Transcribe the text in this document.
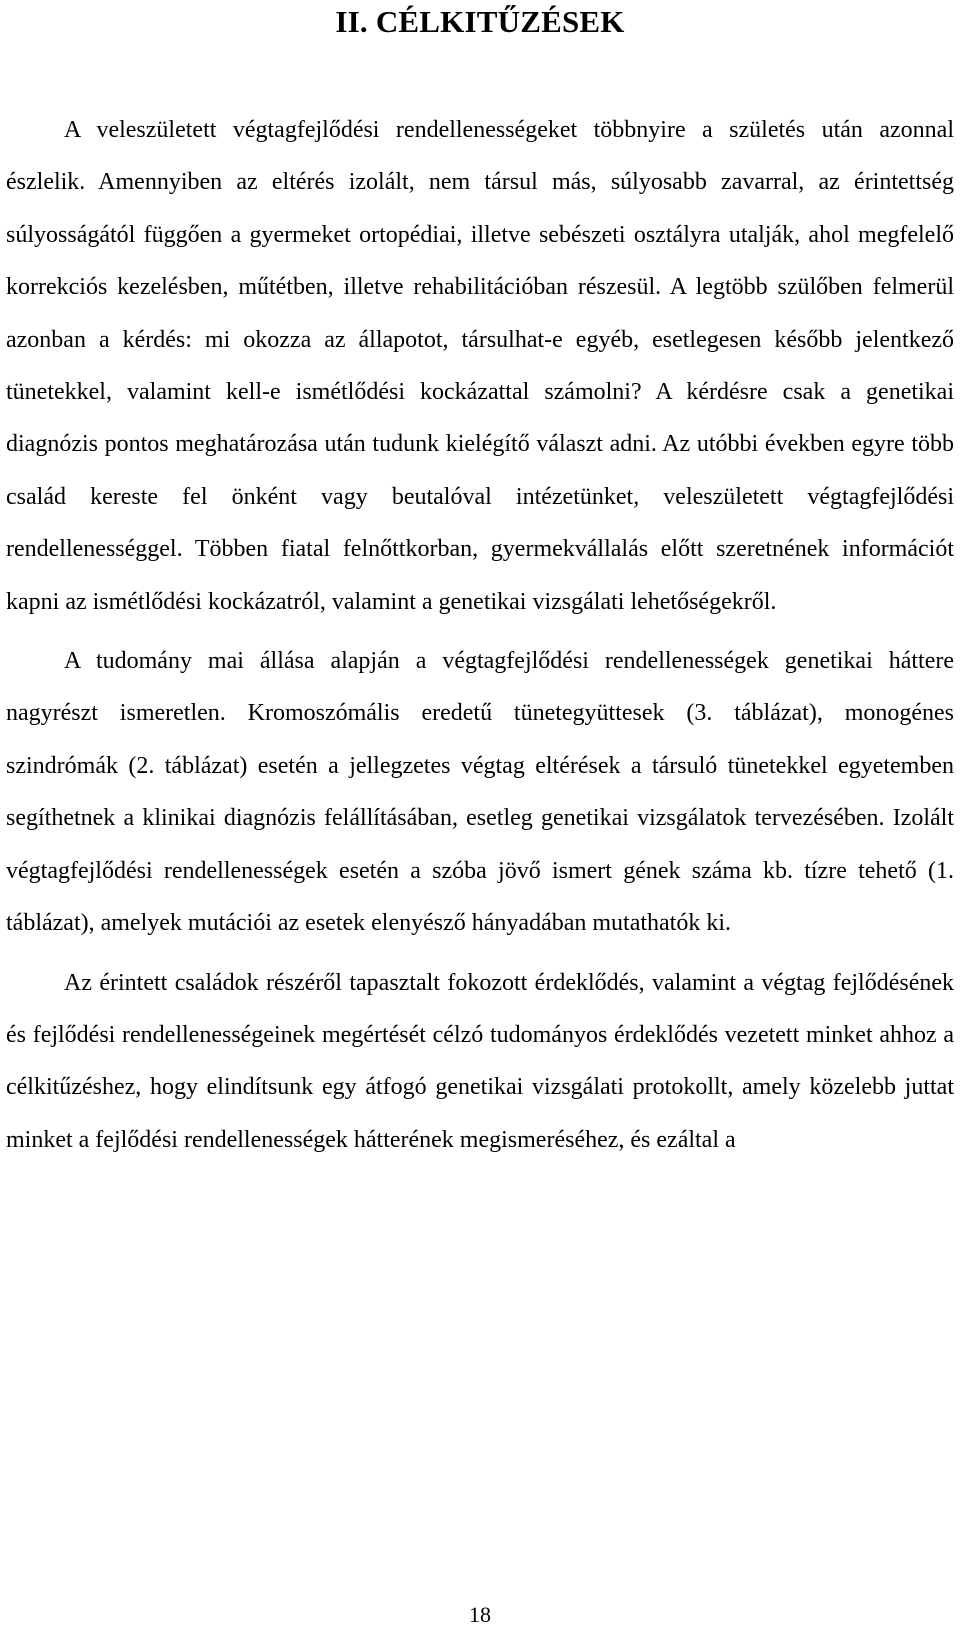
II. CÉLKITŰZÉSEK

A veleszületett végtagfejlődési rendellenességeket többnyire a születés után azonnal észlelik. Amennyiben az eltérés izolált, nem társul más, súlyosabb zavarral, az érintettség súlyosságától függően a gyermeket ortopédiai, illetve sebészeti osztályra utalják, ahol megfelelő korrekciós kezelésben, műtétben, illetve rehabilitációban részesül. A legtöbb szülőben felmerül azonban a kérdés: mi okozza az állapotot, társulhat-e egyéb, esetlegesen később jelentkező tünetekkel, valamint kell-e ismétlődési kockázattal számolni? A kérdésre csak a genetikai diagnózis pontos meghatározása után tudunk kielégítő választ adni. Az utóbbi években egyre több család kereste fel önként vagy beutalóval intézetünket, veleszületett végtagfejlődési rendellenességgel. Többen fiatal felnőttkorban, gyermekvállalás előtt szeretnének információt kapni az ismétlődési kockázatról, valamint a genetikai vizsgálati lehetőségekről.

A tudomány mai állása alapján a végtagfejlődési rendellenességek genetikai háttere nagyrészt ismeretlen. Kromoszómális eredetű tünetegyüttesek (3. táblázat), monogénes szindrómák (2. táblázat) esetén a jellegzetes végtag eltérések a társuló tünetekkel egyetemben segíthetnek a klinikai diagnózis felállításában, esetleg genetikai vizsgálatok tervezésében. Izolált végtagfejlődési rendellenességek esetén a szóba jövő ismert gének száma kb. tízre tehető (1. táblázat), amelyek mutációi az esetek elenyésző hányadában mutathatók ki.

Az érintett családok részéről tapasztalt fokozott érdeklődés, valamint a végtag fejlődésének és fejlődési rendellenességeinek megértését célzó tudományos érdeklődés vezetett minket ahhoz a célkitűzéshez, hogy elindítsunk egy átfogó genetikai vizsgálati protokollt, amely közelebb juttat minket a fejlődési rendellenességek hátterének megismeréséhez, és ezáltal a

18
